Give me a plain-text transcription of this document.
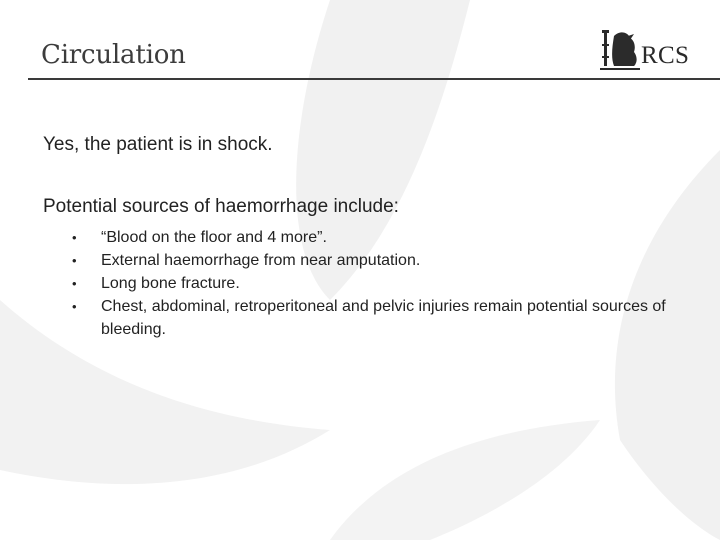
Circulation	RCS
Yes, the patient is in shock.
Potential sources of haemorrhage include:
• “Blood on the floor and 4 more”.
• External haemorrhage from near amputation.
• Long bone fracture.
• Chest, abdominal, retroperitoneal and pelvic injuries remain potential sources of bleeding.
